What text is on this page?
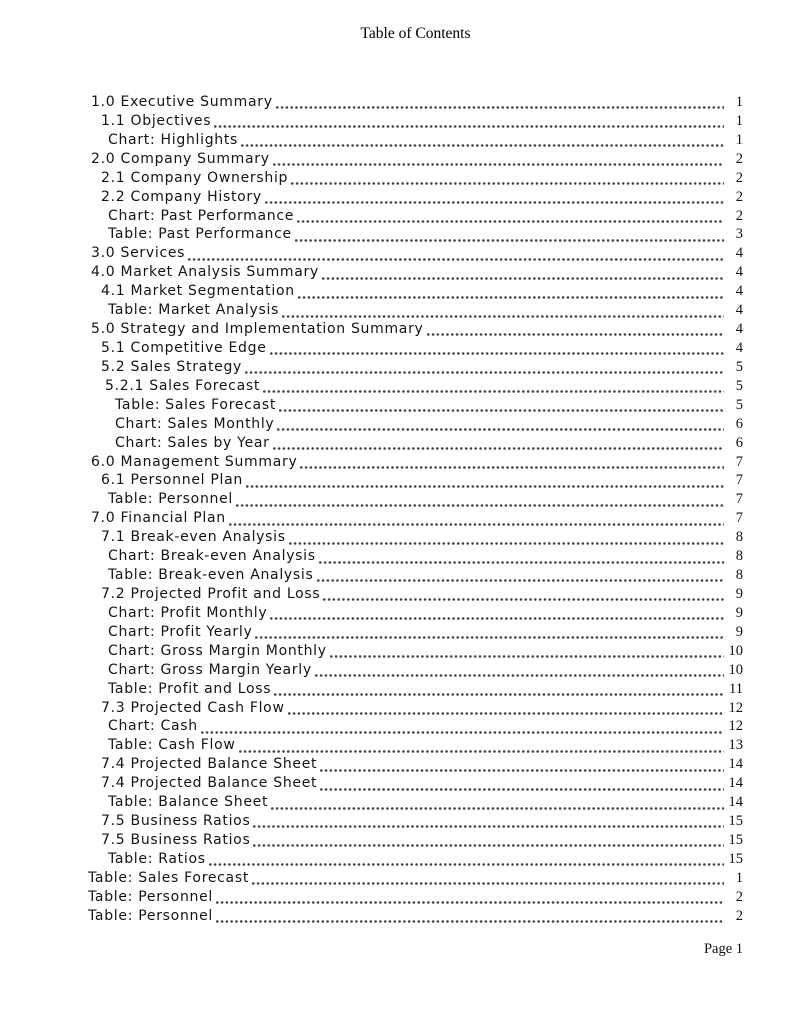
Table of Contents
1.0 Executive Summary	1
1.1 Objectives	1
Chart: Highlights	1
2.0 Company Summary	2
2.1 Company Ownership	2
2.2 Company History	2
Chart: Past Performance	2
Table: Past Performance	3
3.0 Services	4
4.0 Market Analysis Summary	4
4.1 Market Segmentation	4
Table: Market Analysis	4
5.0 Strategy and Implementation Summary	4
5.1 Competitive Edge	4
5.2 Sales Strategy	5
5.2.1 Sales Forecast	5
Table: Sales Forecast	5
Chart: Sales Monthly	6
Chart: Sales by Year	6
6.0 Management Summary	7
6.1 Personnel Plan	7
Table: Personnel	7
7.0 Financial Plan	7
7.1 Break-even Analysis	8
Chart: Break-even Analysis	8
Table: Break-even Analysis	8
7.2 Projected Profit and Loss	9
Chart: Profit Monthly	9
Chart: Profit Yearly	9
Chart: Gross Margin Monthly	10
Chart: Gross Margin Yearly	10
Table: Profit and Loss	11
7.3 Projected Cash Flow	12
Chart: Cash	12
Table: Cash Flow	13
7.4 Projected Balance Sheet	14
7.4 Projected Balance Sheet	14
Table: Balance Sheet	14
7.5 Business Ratios	15
7.5 Business Ratios	15
Table: Ratios	15
Table: Sales Forecast	1
Table: Personnel	2
Table: Personnel	2
Page 1
